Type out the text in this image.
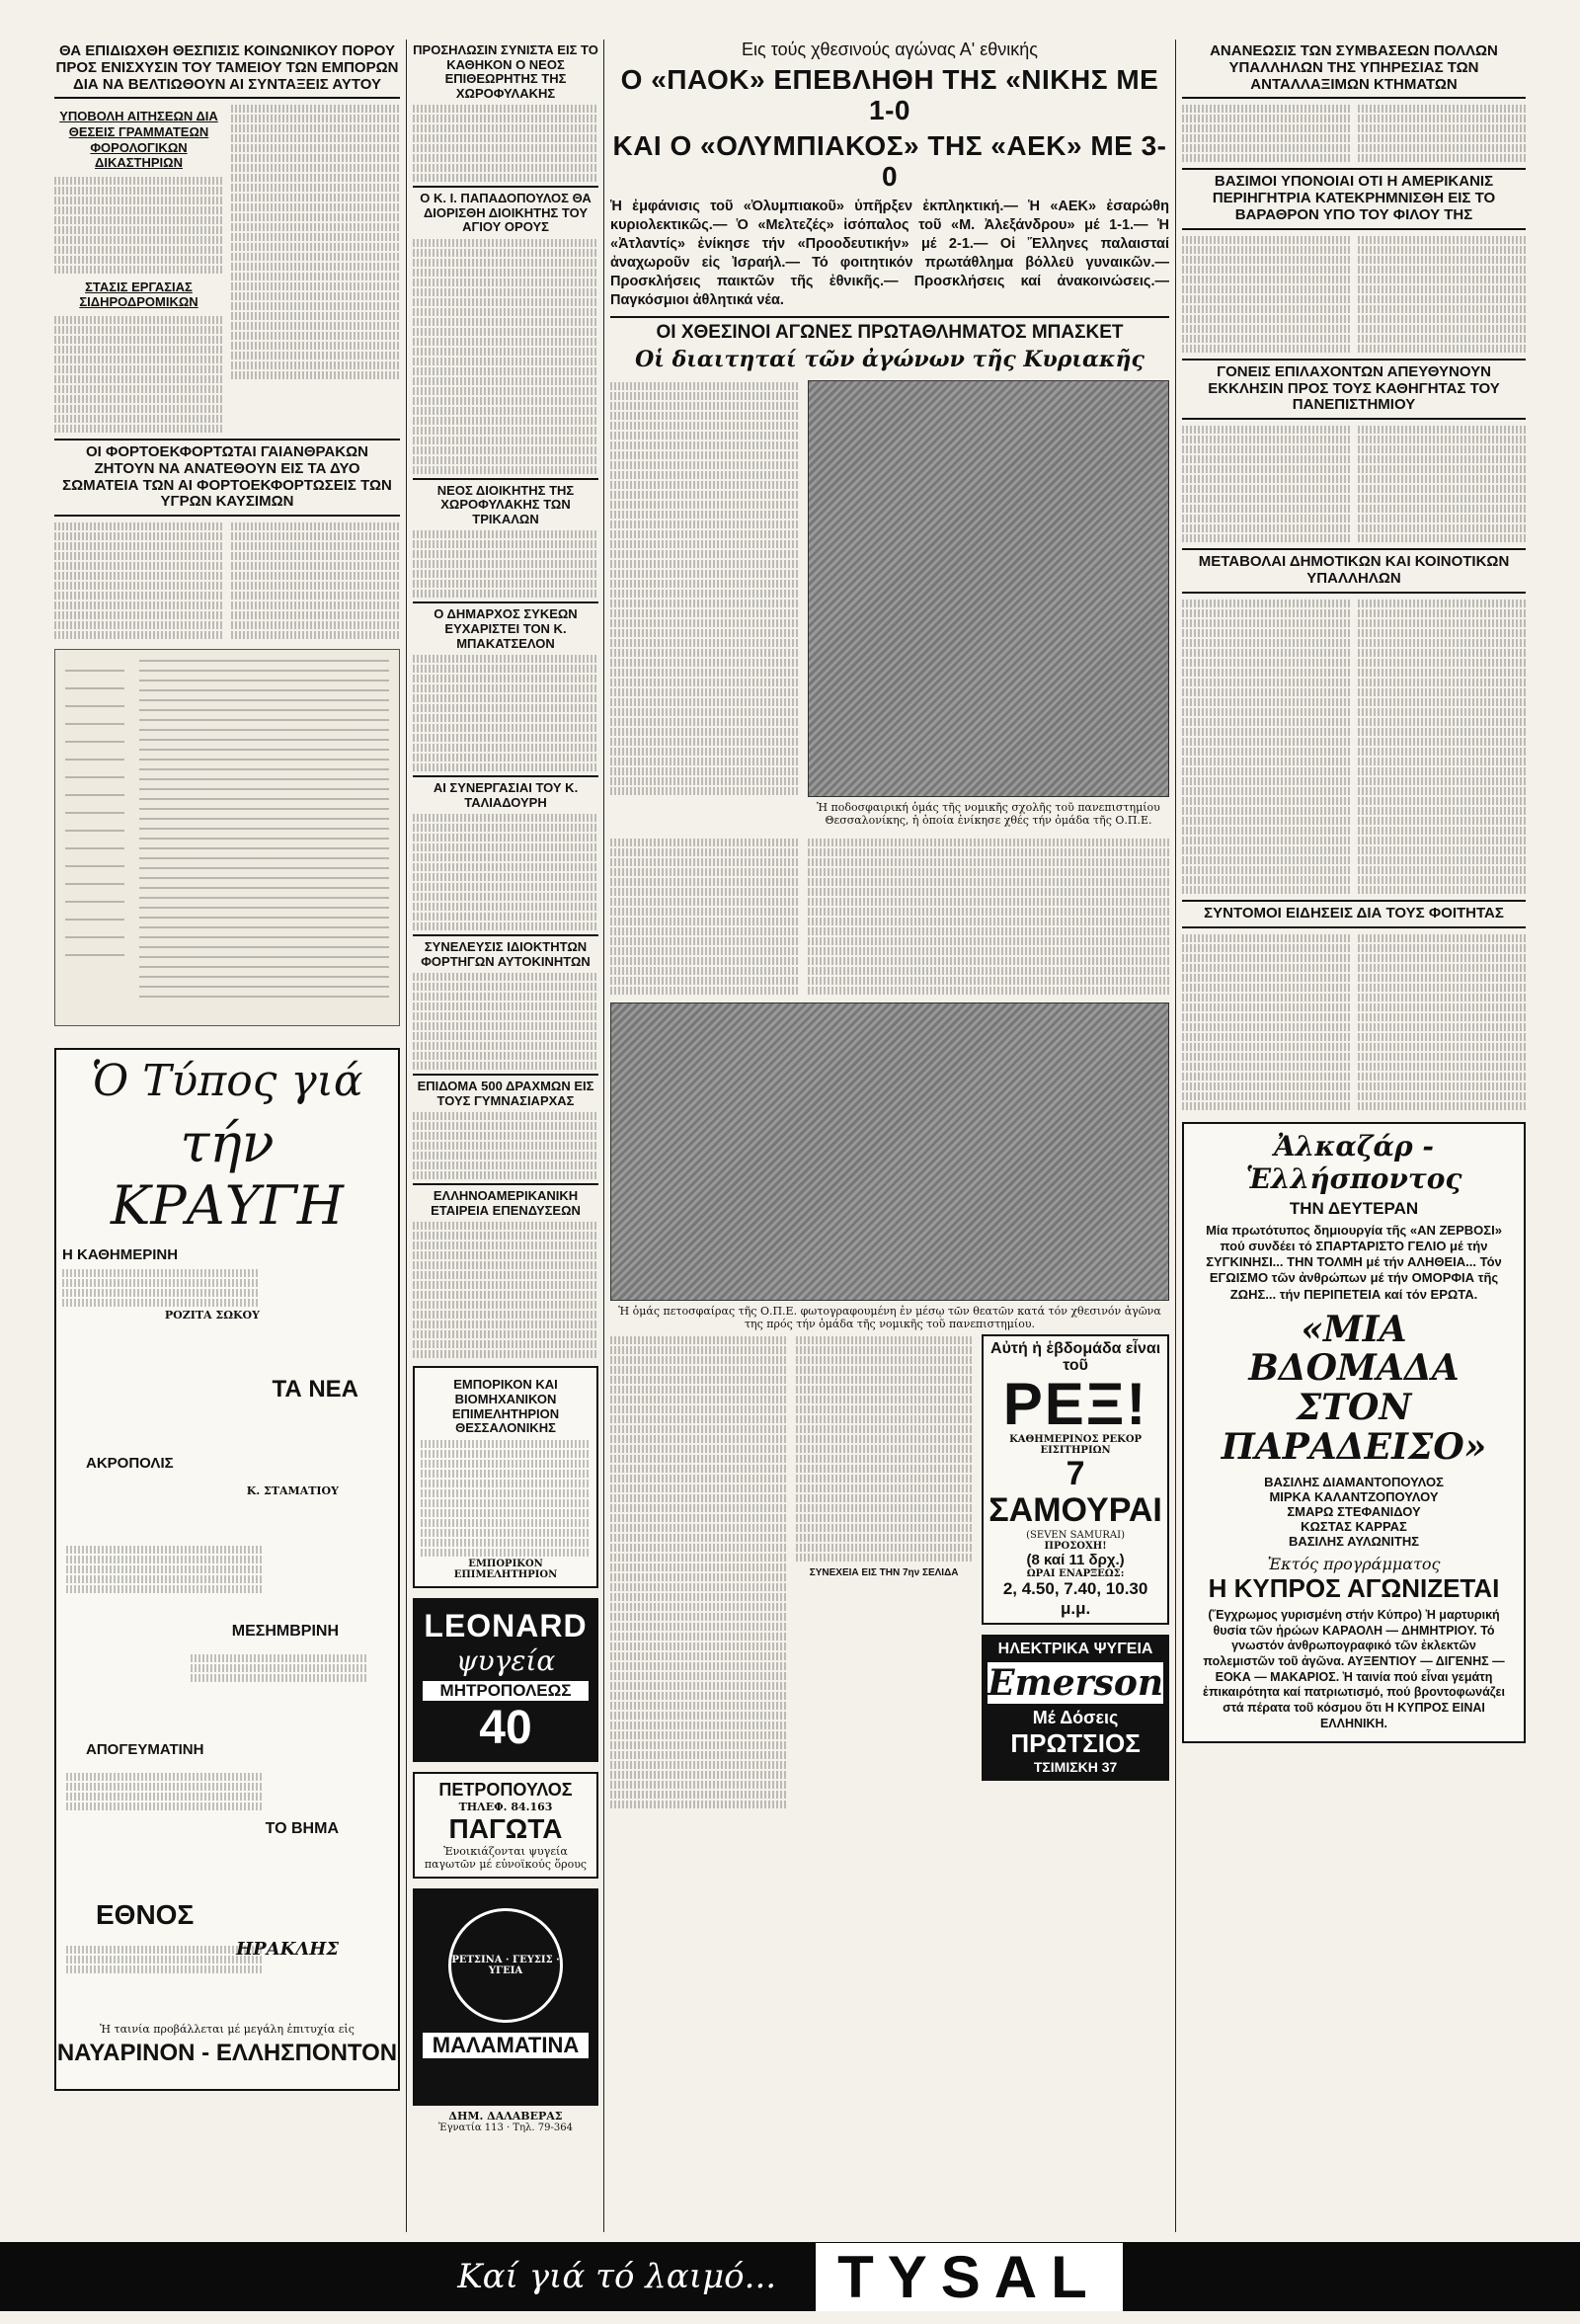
ΘΑ ΕΠΙΔΙΩΧΘΗ ΘΕΣΠΙΣΙΣ ΚΟΙΝΩΝΙΚΟΥ ΠΟΡΟΥ ΠΡΟΣ ΕΝΙΣΧΥΣΙΝ ΤΟΥ ΤΑΜΕΙΟΥ ΤΩΝ ΕΜΠΟΡΩΝ ΔΙΑ ΝΑ ΒΕΛΤΙΩΘΟΥΝ ΑΙ ΣΥΝΤΑΞΕΙΣ ΑΥΤΟΥ
ΥΠΟΒΟΛΗ ΑΙΤΗΣΕΩΝ ΔΙΑ ΘΕΣΕΙΣ ΓΡΑΜΜΑΤΕΩΝ ΦΟΡΟΛΟΓΙΚΩΝ ΔΙΚΑΣΤΗΡΙΩΝ
ΣΤΑΣΙΣ ΕΡΓΑΣΙΑΣ ΣΙΔΗΡΟΔΡΟΜΙΚΩΝ
ΟΙ ΦΟΡΤΟΕΚΦΟΡΤΩΤΑΙ ΓΑΙΑΝΘΡΑΚΩΝ ΖΗΤΟΥΝ ΝΑ ΑΝΑΤΕΘΟΥΝ ΕΙΣ ΤΑ ΔΥΟ ΣΩΜΑΤΕΙΑ ΤΩΝ ΑΙ ΦΟΡΤΟΕΚΦΟΡΤΩΣΕΙΣ ΤΩΝ ΥΓΡΩΝ ΚΑΥΣΙΜΩΝ
Ὁ Τύπος γιά
τήν ΚΡΑΥΓΗ
Η ΚΑΘΗΜΕΡΙΝΗ
ΡΟΖΙΤΑ ΣΩΚΟΥ
ΤΑ ΝΕΑ
ΑΚΡΟΠΟΛΙΣ
Κ. ΣΤΑΜΑΤΙΟΥ
ΜΕΣΗΜΒΡΙΝΗ
ΑΠΟΓΕΥΜΑΤΙΝΗ
ΤΟ ΒΗΜΑ
ΕΘΝΟΣ
ΗΡΑΚΛΗΣ
Ἡ ταινία προβάλλεται μέ μεγάλη ἐπιτυχία εἰς
ΝΑΥΑΡΙΝΟΝ - ΕΛΛΗΣΠΟΝΤΟΝ
ΠΡΟΣΗΛΩΣΙΝ ΣΥΝΙΣΤΑ ΕΙΣ ΤΟ ΚΑΘΗΚΟΝ Ο ΝΕΟΣ ΕΠΙΘΕΩΡΗΤΗΣ ΤΗΣ ΧΩΡΟΦΥΛΑΚΗΣ
Ο Κ. Ι. ΠΑΠΑΔΟΠΟΥΛΟΣ ΘΑ ΔΙΟΡΙΣΘΗ ΔΙΟΙΚΗΤΗΣ ΤΟΥ ΑΓΙΟΥ ΟΡΟΥΣ
ΝΕΟΣ ΔΙΟΙΚΗΤΗΣ ΤΗΣ ΧΩΡΟΦΥΛΑΚΗΣ ΤΩΝ ΤΡΙΚΑΛΩΝ
Ο ΔΗΜΑΡΧΟΣ ΣΥΚΕΩΝ ΕΥΧΑΡΙΣΤΕΙ ΤΟΝ Κ. ΜΠΑΚΑΤΣΕΛΟΝ
ΑΙ ΣΥΝΕΡΓΑΣΙΑΙ ΤΟΥ Κ. ΤΑΛΙΑΔΟΥΡΗ
ΣΥΝΕΛΕΥΣΙΣ ΙΔΙΟΚΤΗΤΩΝ ΦΟΡΤΗΓΩΝ ΑΥΤΟΚΙΝΗΤΩΝ
ΕΠΙΔΟΜΑ 500 ΔΡΑΧΜΩΝ ΕΙΣ ΤΟΥΣ ΓΥΜΝΑΣΙΑΡΧΑΣ
ΕΛΛΗΝΟΑΜΕΡΙΚΑΝΙΚΗ ΕΤΑΙΡΕΙΑ ΕΠΕΝΔΥΣΕΩΝ
ΕΜΠΟΡΙΚΟΝ ΚΑΙ ΒΙΟΜΗΧΑΝΙΚΟΝ ΕΠΙΜΕΛΗΤΗΡΙΟΝ ΘΕΣΣΑΛΟΝΙΚΗΣ
ΕΜΠΟΡΙΚΟΝ ΕΠΙΜΕΛΗΤΗΡΙΟΝ
LEONARD
ψυγεία
ΜΗΤΡΟΠΟΛΕΩΣ
40
ΠΕΤΡΟΠΟΥΛΟΣ
ΤΗΛΕΦ. 84.163
ΠΑΓΩΤΑ
Ἐνοικιάζονται ψυγεία παγωτῶν μέ εὐνοϊκούς ὅρους
ΡΕΤΣΙΝΑ · ΓΕΥΣΙΣ · ΥΓΕΙΑ
ΜΑΛΑΜΑΤΙΝΑ
ΔΗΜ. ΔΑΛΑΒΕΡΑΣ
Ἐγνατία 113 · Τηλ. 79-364
Εις τούς χθεσινούς αγώνας Α' εθνικής
Ο «ΠΑΟΚ» ΕΠΕΒΛΗΘΗ ΤΗΣ «ΝΙΚΗΣ ΜΕ 1-0
ΚΑΙ Ο «ΟΛΥΜΠΙΑΚΟΣ» ΤΗΣ «ΑΕΚ» ΜΕ 3-0
Ἡ ἐμφάνισις τοῦ «Ὀλυμπιακοῦ» ὑπῆρξεν ἐκπληκτική.— Ἡ «ΑΕΚ» ἐσαρώθη κυριολεκτικῶς.— Ὁ «Μελτεζές» ἰσόπαλος τοῦ «Μ. Ἀλεξάνδρου» μέ 1-1.— Ἡ «Ἀτλαντίς» ἐνίκησε τήν «Προοδευτικήν» μέ 2-1.— Οἱ Ἕλληνες παλαισταί ἀναχωροῦν εἰς Ἰσραήλ.— Τό φοιτητικόν πρωτάθλημα βόλλεϋ γυναικῶν.— Προσκλήσεις παικτῶν τῆς ἐθνικῆς.— Προσκλήσεις καί ἀνακοινώσεις.— Παγκόσμιοι ἀθλητικά νέα.
ΟΙ ΧΘΕΣΙΝΟΙ ΑΓΩΝΕΣ ΠΡΩΤΑΘΛΗΜΑΤΟΣ ΜΠΑΣΚΕΤ
Οἱ διαιτηταί τῶν ἀγώνων τῆς Κυριακῆς
Ἡ ποδοσφαιρική ὁμάς τῆς νομικῆς σχολῆς τοῦ πανεπιστημίου Θεσσαλονίκης, ἡ ὁποία ἐνίκησε χθές τήν ὁμάδα τῆς Ο.Π.Ε.
Ἡ ὁμάς πετοσφαίρας τῆς Ο.Π.Ε. φωτογραφουμένη ἐν μέσῳ τῶν θεατῶν κατά τόν χθεσινόν ἀγῶνα της πρός τήν ὁμάδα τῆς νομικῆς τοῦ πανεπιστημίου.
ΣΥΝΕΧΕΙΑ ΕΙΣ ΤΗΝ 7ην ΣΕΛΙΔΑ
Αὐτή ἡ ἑβδομάδα εἶναι τοῦ
ΡΕΞ!
ΚΑΘΗΜΕΡΙΝΟΣ ΡΕΚΟΡ ΕΙΣΙΤΗΡΙΩΝ
7 ΣΑΜΟΥΡΑΙ
(SEVEN SAMURAI)
ΠΡΟΣΟΧΗ!
(8 καί 11 δρχ.)
ΩΡΑΙ ΕΝΑΡΞΕΩΣ:
2, 4.50, 7.40, 10.30 μ.μ.
ΗΛΕΚΤΡΙΚΑ ΨΥΓΕΙΑ
Emerson
Μέ Δόσεις
ΠΡΩΤΣΙΟΣ
ΤΣΙΜΙΣΚΗ 37
ΑΝΑΝΕΩΣΙΣ ΤΩΝ ΣΥΜΒΑΣΕΩΝ ΠΟΛΛΩΝ ΥΠΑΛΛΗΛΩΝ ΤΗΣ ΥΠΗΡΕΣΙΑΣ ΤΩΝ ΑΝΤΑΛΛΑΞΙΜΩΝ ΚΤΗΜΑΤΩΝ
ΒΑΣΙΜΟΙ ΥΠΟΝΟΙΑΙ ΟΤΙ Η ΑΜΕΡΙΚΑΝΙΣ ΠΕΡΙΗΓΗΤΡΙΑ ΚΑΤΕΚΡΗΜΝΙΣΘΗ ΕΙΣ ΤΟ ΒΑΡΑΘΡΟΝ ΥΠΟ ΤΟΥ ΦΙΛΟΥ ΤΗΣ
ΓΟΝΕΙΣ ΕΠΙΛΑΧΟΝΤΩΝ ΑΠΕΥΘΥΝΟΥΝ ΕΚΚΛΗΣΙΝ ΠΡΟΣ ΤΟΥΣ ΚΑΘΗΓΗΤΑΣ ΤΟΥ ΠΑΝΕΠΙΣΤΗΜΙΟΥ
ΜΕΤΑΒΟΛΑΙ ΔΗΜΟΤΙΚΩΝ ΚΑΙ ΚΟΙΝΟΤΙΚΩΝ ΥΠΑΛΛΗΛΩΝ
ΣΥΝΤΟΜΟΙ ΕΙΔΗΣΕΙΣ ΔΙΑ ΤΟΥΣ ΦΟΙΤΗΤΑΣ
Ἀλκαζάρ - Ἑλλήσποντος
ΤΗΝ ΔΕΥΤΕΡΑΝ
Μία πρωτότυπος δημιουργία τῆς «ΑΝ ΖΕΡΒΟΣΙ» πού συνδέει τό ΣΠΑΡΤΑΡΙΣΤΟ ΓΕΛΙΟ μέ τήν ΣΥΓΚΙΝΗΣΙ... ΤΗΝ ΤΟΛΜΗ μέ τήν ΑΛΗΘΕΙΑ... Τόν ΕΓΩΙΣΜΟ τῶν ἀνθρώπων μέ τήν ΟΜΟΡΦΙΑ τῆς ΖΩΗΣ... τήν ΠΕΡΙΠΕΤΕΙΑ καί τόν ΕΡΩΤΑ.
«ΜΙΑ ΒΔΟΜΑΔΑ ΣΤΟΝ ΠΑΡΑΔΕΙΣΟ»
ΒΑΣΙΛΗΣ ΔΙΑΜΑΝΤΟΠΟΥΛΟΣ
ΜΙΡΚΑ ΚΑΛΑΝΤΖΟΠΟΥΛΟΥ
ΣΜΑΡΩ ΣΤΕΦΑΝΙΔΟΥ
ΚΩΣΤΑΣ ΚΑΡΡΑΣ
ΒΑΣΙΛΗΣ ΑΥΛΩΝΙΤΗΣ
Ἐκτός προγράμματος
Η ΚΥΠΡΟΣ ΑΓΩΝΙΖΕΤΑΙ
(Ἔγχρωμος γυρισμένη στήν Κύπρο) Ἡ μαρτυρική θυσία τῶν ἡρώων ΚΑΡΑΟΛΗ — ΔΗΜΗΤΡΙΟΥ. Τό γνωστόν ἀνθρωπογραφικό τῶν ἐκλεκτῶν πολεμιστῶν τοῦ ἀγῶνα. ΑΥΞΕΝΤΙΟΥ — ΔΙΓΕΝΗΣ — ΕΟΚΑ — ΜΑΚΑΡΙΟΣ. Ἡ ταινία πού εἶναι γεμάτη ἐπικαιρότητα καί πατριωτισμό, πού βροντοφωνάζει στά πέρατα τοῦ κόσμου ὅτι Η ΚΥΠΡΟΣ ΕΙΝΑΙ ΕΛΛΗΝΙΚΗ.
Καί γιά τό λαιμό...	TYSAL
